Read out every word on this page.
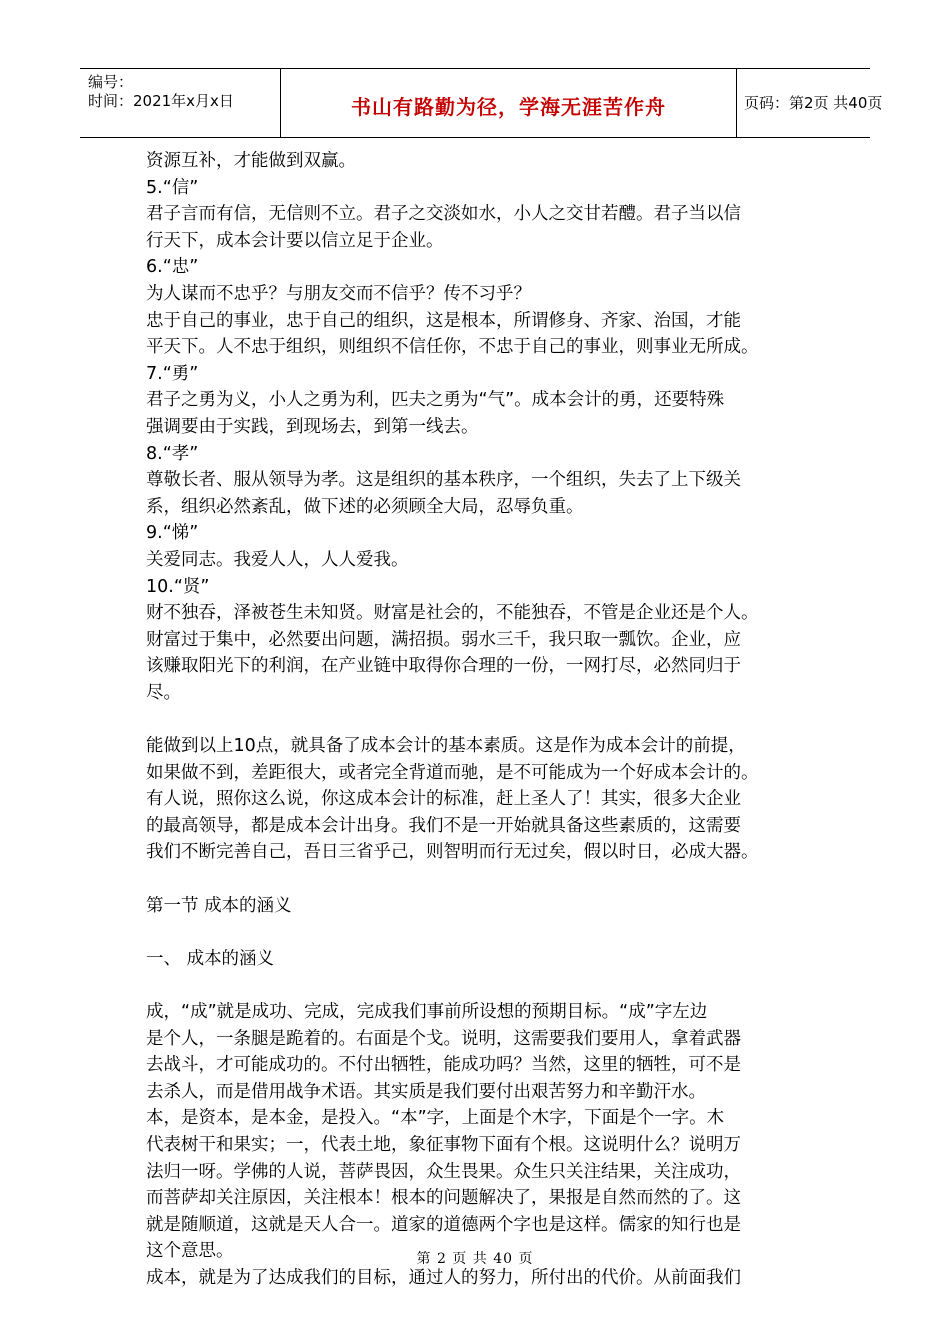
编号：
时间：2021年x月x日	书山有路勤为径，学海无涯苦作舟	页码：第2页 共40页

资源互补，才能做到双赢。

5.“信”

君子言而有信，无信则不立。君子之交淡如水，小人之交甘若醴。君子当以信

行天下，成本会计要以信立足于企业。

6.“忠”

为人谋而不忠乎？与朋友交而不信乎？传不习乎？

忠于自己的事业，忠于自己的组织，这是根本，所谓修身、齐家、治国，才能

平天下。人不忠于组织，则组织不信任你，不忠于自己的事业，则事业无所成。

7.“勇”

君子之勇为义，小人之勇为利，匹夫之勇为“气”。成本会计的勇，还要特殊

强调要由于实践，到现场去，到第一线去。

8.“孝”

尊敬长者、服从领导为孝。这是组织的基本秩序，一个组织，失去了上下级关

系，组织必然紊乱，做下述的必须顾全大局，忍辱负重。

9.“悌”

关爱同志。我爱人人，人人爱我。

10.“贤”

财不独吞，泽被苍生未知贤。财富是社会的，不能独吞，不管是企业还是个人。

财富过于集中，必然要出问题，满招损。弱水三千，我只取一瓢饮。企业，应

该赚取阳光下的利润，在产业链中取得你合理的一份，一网打尽，必然同归于

尽。

能做到以上10点，就具备了成本会计的基本素质。这是作为成本会计的前提，

如果做不到，差距很大，或者完全背道而驰，是不可能成为一个好成本会计的。

有人说，照你这么说，你这成本会计的标准，赶上圣人了！其实，很多大企业

的最高领导，都是成本会计出身。我们不是一开始就具备这些素质的，这需要

我们不断完善自己，吾日三省乎己，则智明而行无过矣，假以时日，必成大器。

第一节 成本的涵义

一、 成本的涵义

成，“成”就是成功、完成，完成我们事前所设想的预期目标。“成”字左边

是个人，一条腿是跪着的。右面是个戈。说明，这需要我们要用人，拿着武器

去战斗，才可能成功的。不付出牺牲，能成功吗？当然，这里的牺牲，可不是

去杀人，而是借用战争术语。其实质是我们要付出艰苦努力和辛勤汗水。

本，是资本，是本金，是投入。“本”字，上面是个木字，下面是个一字。木

代表树干和果实；一，代表土地，象征事物下面有个根。这说明什么？说明万

法归一呀。学佛的人说，菩萨畏因，众生畏果。众生只关注结果，关注成功，

而菩萨却关注原因，关注根本！根本的问题解决了，果报是自然而然的了。这

就是随顺道，这就是天人合一。道家的道德两个字也是这样。儒家的知行也是

这个意思。

成本，就是为了达成我们的目标，通过人的努力，所付出的代价。从前面我们

第 2 页 共 40 页
